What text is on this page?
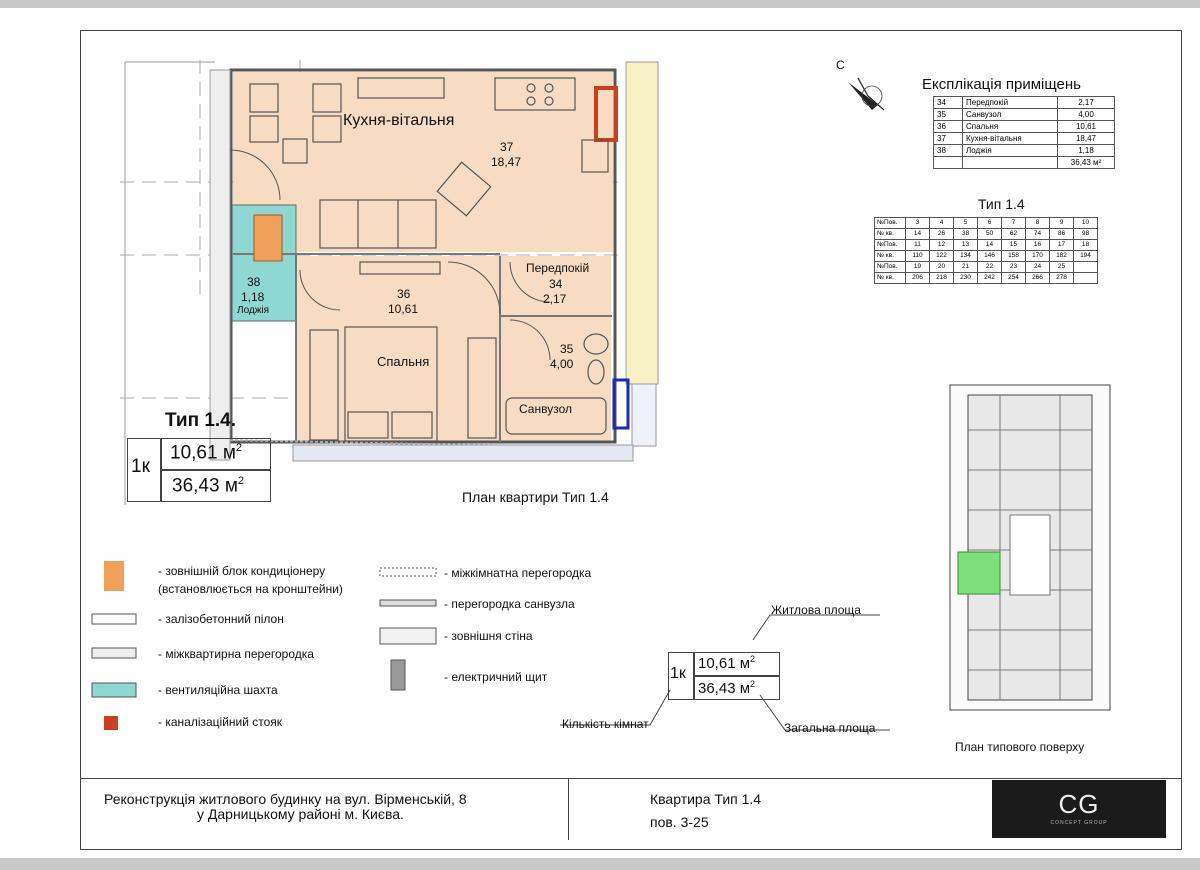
Кухня-вітальня
37
18,47
38
1,18
Лоджія
36
10,61
Спальня
Передпокій
34
2,17
35
4,00
Санвузол
Тип 1.4.
1к
10,61 $м^2$
36,43 $м^2$
План квартири Тип 1.4
С
Експлікація приміщень
34	Передпокій	2,17
35	Санвузол	4,00
36	Спальня	10,61
37	Кухня-вітальня	18,47
38	Лоджія	1,18
		36,43 м²
Тип 1.4
№Пов.	3	4	5	6	7	8	9	10
№ кв.	14	26	38	50	62	74	86	98
№Пов.	11	12	13	14	15	16	17	18
№ кв.	110	122	134	146	158	170	182	194
№Пов.	19	20	21	22	23	24	25	
№ кв.	206	218	230	242	254	266	278	
- зовнішній блок кондиціонеру
(встановлюється на кронштейни)
- залізобетонний пілон
- міжквартирна перегородка
- вентиляційна шахта
- каналізаційний стояк
- міжкімнатна перегородка
- перегородка санвузла
- зовнішня стіна
- електричний щит
Житлова площа
1к
10,61 $м^2$
36,43 $м^2$
Кількість кімнат	Загальна площа
План типового поверху
Реконструкція житлового будинку на вул. Вірменській, 8
у Дарницькому районі м. Києва.
Квартира Тип 1.4
пов. 3-25
CG
CONCEPT GROUP
